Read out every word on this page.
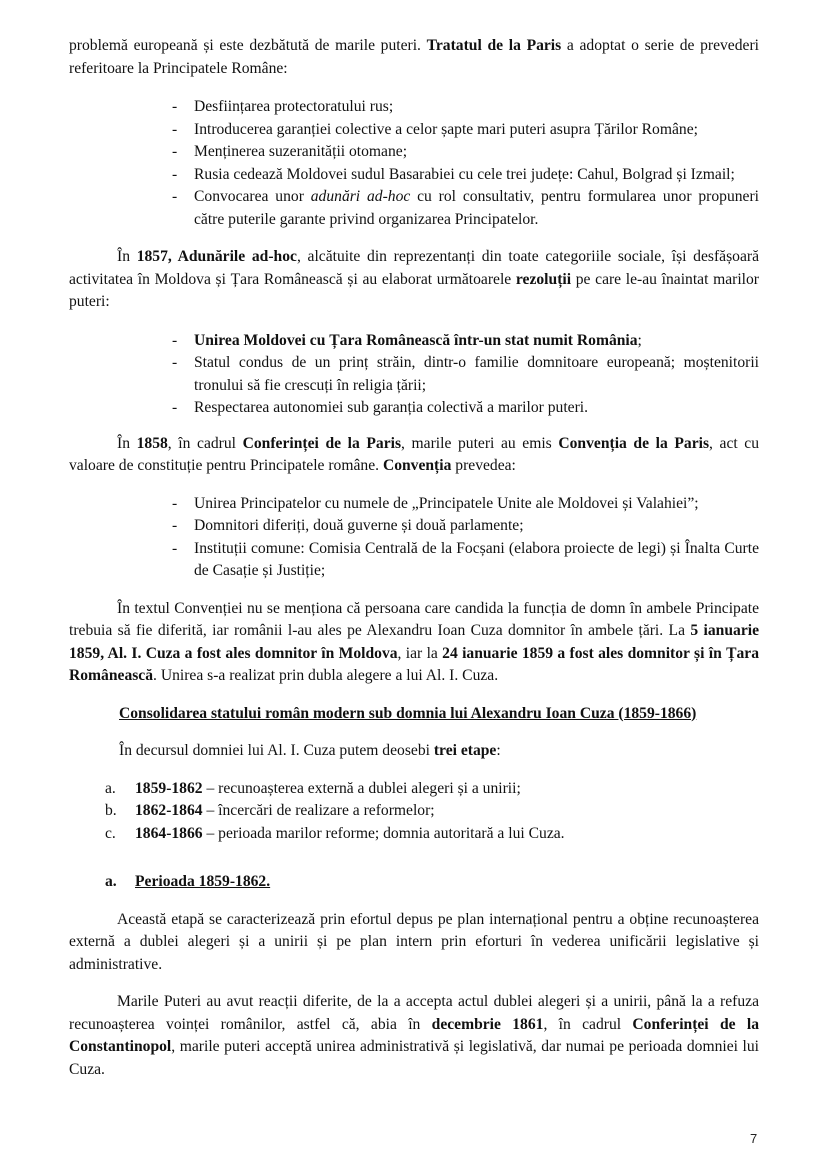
problemă europeană și este dezbătută de marile puteri. Tratatul de la Paris a adoptat o serie de prevederi referitoare la Principatele Române:

- Desființarea protectoratului rus;
- Introducerea garanției colective a celor șapte mari puteri asupra Țărilor Române;
- Menținerea suzeranității otomane;
- Rusia cedează Moldovei sudul Basarabiei cu cele trei județe: Cahul, Bolgrad și Izmail;
- Convocarea unor adunări ad-hoc cu rol consultativ, pentru formularea unor propuneri către puterile garante privind organizarea Principatelor.

În 1857, Adunările ad-hoc, alcătuite din reprezentanți din toate categoriile sociale, își desfășoară activitatea în Moldova și Țara Românească și au elaborat următoarele rezoluții pe care le-au înaintat marilor puteri:

- Unirea Moldovei cu Țara Românească într-un stat numit România;
- Statul condus de un prinț străin, dintr-o familie domnitoare europeană; moștenitorii tronului să fie crescuți în religia țării;
- Respectarea autonomiei sub garanția colectivă a marilor puteri.

În 1858, în cadrul Conferinței de la Paris, marile puteri au emis Convenția de la Paris, act cu valoare de constituție pentru Principatele române. Convenția prevedea:

- Unirea Principatelor cu numele de „Principatele Unite ale Moldovei și Valahiei”;
- Domnitori diferiți, două guverne și două parlamente;
- Instituții comune: Comisia Centrală de la Focșani (elabora proiecte de legi) și Înalta Curte de Casație și Justiție;

În textul Convenției nu se menționa că persoana care candida la funcția de domn în ambele Principate trebuia să fie diferită, iar românii l-au ales pe Alexandru Ioan Cuza domnitor în ambele țări. La 5 ianuarie 1859, Al. I. Cuza a fost ales domnitor în Moldova, iar la 24 ianuarie 1859 a fost ales domnitor și în Țara Românească. Unirea s-a realizat prin dubla alegere a lui Al. I. Cuza.

Consolidarea statului român modern sub domnia lui Alexandru Ioan Cuza (1859-1866)
În decursul domniei lui Al. I. Cuza putem deosebi trei etape:
a. 1859-1862 – recunoașterea externă a dublei alegeri și a unirii;
b. 1862-1864 – încercări de realizare a reformelor;
c. 1864-1866 – perioada marilor reforme; domnia autoritară a lui Cuza.
a. Perioada 1859-1862.

Această etapă se caracterizează prin efortul depus pe plan internațional pentru a obține recunoașterea externă a dublei alegeri și a unirii și pe plan intern prin eforturi în vederea unificării legislative și administrative.

Marile Puteri au avut reacții diferite, de la a accepta actul dublei alegeri și a unirii, până la a refuza recunoașterea voinței românilor, astfel că, abia în decembrie 1861, în cadrul Conferinței de la Constantinopol, marile puteri acceptă unirea administrativă și legislativă, dar numai pe perioada domniei lui Cuza.

7
